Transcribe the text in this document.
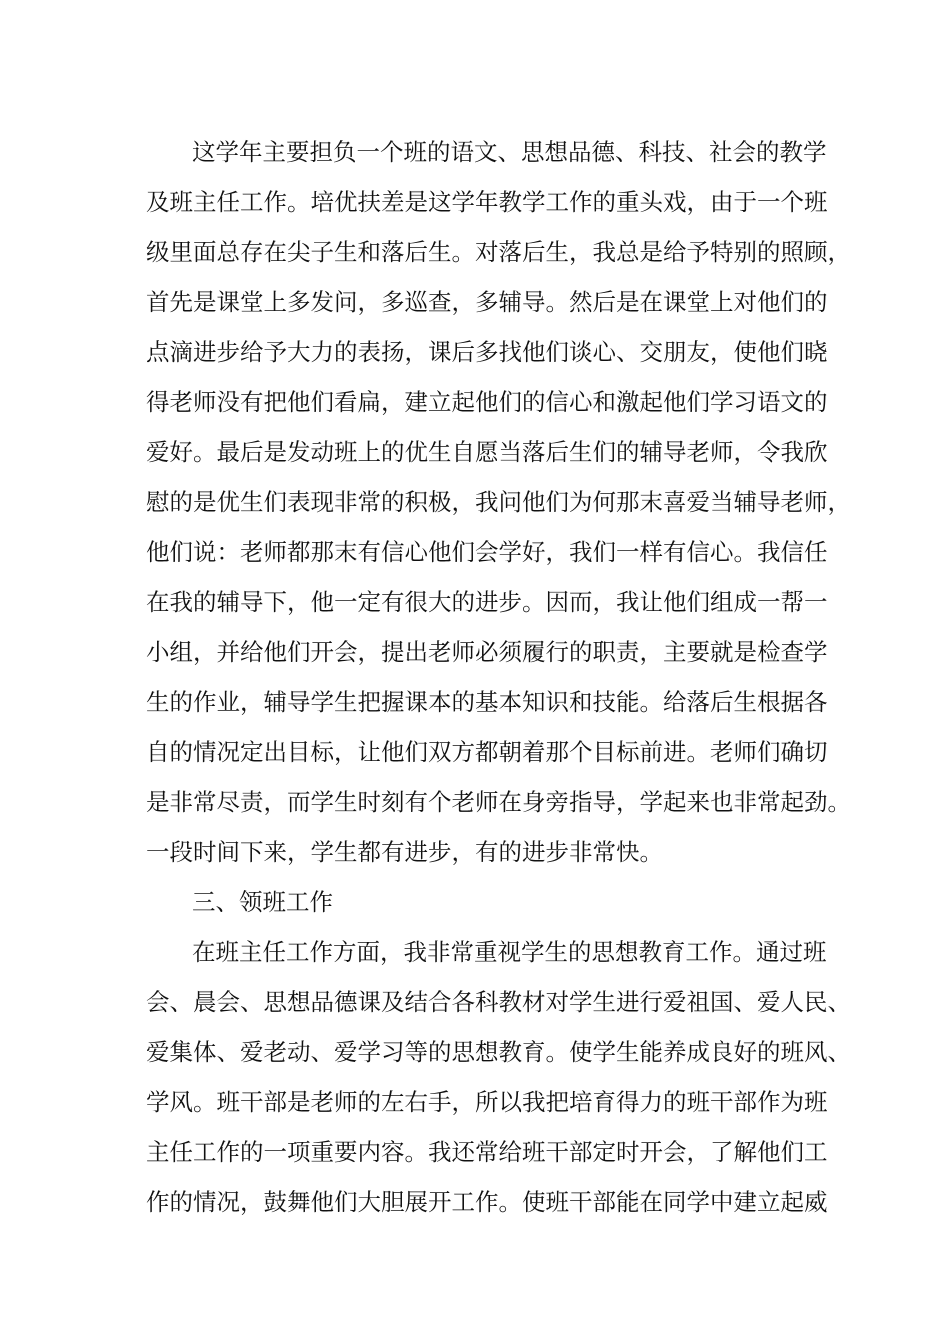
这学年主要担负一个班的语文、思想品德、科技、社会的教学
及班主任工作。培优扶差是这学年教学工作的重头戏，由于一个班
级里面总存在尖子生和落后生。对落后生，我总是给予特别的照顾，
首先是课堂上多发问，多巡查，多辅导。然后是在课堂上对他们的
点滴进步给予大力的表扬，课后多找他们谈心、交朋友，使他们晓
得老师没有把他们看扁，建立起他们的信心和激起他们学习语文的
爱好。最后是发动班上的优生自愿当落后生们的辅导老师，令我欣
慰的是优生们表现非常的积极，我问他们为何那末喜爱当辅导老师，
他们说：老师都那末有信心他们会学好，我们一样有信心。我信任
在我的辅导下，他一定有很大的进步。因而，我让他们组成一帮一
小组，并给他们开会，提出老师必须履行的职责，主要就是检查学
生的作业，辅导学生把握课本的基本知识和技能。给落后生根据各
自的情况定出目标，让他们双方都朝着那个目标前进。老师们确切
是非常尽责，而学生时刻有个老师在身旁指导，学起来也非常起劲。
一段时间下来，学生都有进步，有的进步非常快。
三、领班工作
在班主任工作方面，我非常重视学生的思想教育工作。通过班
会、晨会、思想品德课及结合各科教材对学生进行爱祖国、爱人民、
爱集体、爱老动、爱学习等的思想教育。使学生能养成良好的班风、
学风。班干部是老师的左右手，所以我把培育得力的班干部作为班
主任工作的一项重要内容。我还常给班干部定时开会，了解他们工
作的情况，鼓舞他们大胆展开工作。使班干部能在同学中建立起威
